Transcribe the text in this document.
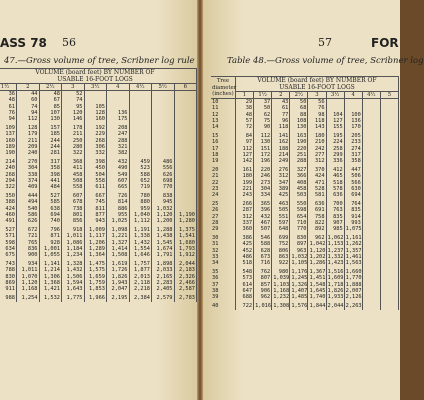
ASS 78 56
47.—Gross volume of tree, Scribner log rule
VOLUME (board feet) BY NUMBER OF
USABLE 16-FOOT LOGS								
1½	2	2½	3	3½	4	4½	5½	6
36	44	48	52					
48	60	67	74					
61	74	85	95	105				
76	94	107	120	128	136			
94	112	130	146	160	175			
109	128	157	178	192	208			
137	179	185	211	229	247			
160	211	244	250	268	288			
189	209	244	280	306	321			
190	240	281	322	332	382			
214	270	317	368	398	432	459	486	
240	304	358	411	450	490	523	556	
268	338	398	458	504	549	588	626	
294	374	441	508	558	607	652	698	
322	409	484	558	611	665	719	770	
350	444	527	607	667	726	780	838	
388	494	585	678	745	814	880	945	
424	540	638	738	811	886	959	1,032	
460	586	694	801	877	955	1,040	1,120	1,190
491	626	740	856	943	1,025	1,112	1,200	1,280
527	672	796	918	1,009	1,098	1,191	1,288	1,375
571	721	871	1,011	1,117	1,221	1,338	1,438	1,541
598	765	928	1,086	1,206	1,327	1,432	1,545	1,680
634	836	1,001	1,184	1,289	1,414	1,554	1,674	1,793
675	900	1,055	1,234	1,364	1,508	1,646	1,791	1,912
743	934	1,141	1,328	1,475	1,619	1,757	1,898	2,044
788	1,011	1,214	1,432	1,575	1,726	1,877	2,033	2,183
830	1,070	1,306	1,506	1,659	1,826	2,013	2,165	2,326
869	1,120	1,368	1,594	1,759	1,943	2,118	2,283	2,466
911	1,168	1,421	1,643	1,853	2,047	2,218	2,405	2,587
988	1,254	1,532	1,775	1,966	2,195	2,384	2,579	2,783
57	FOR
Table 48.—Gross volume of tree, Scribner log
Tree
diameter
(inches)	VOLUME (board feet) BY NUMBER OF
USABLE 16-FOOT LOGS								
	1	1½	2	2½	3	3½	4	4½	5
10	29	37	43	50	56				
11	38	50	61	68	76				
12	48	62	77	88	98	104	100		
13	57	75	96	108	118	127	136		
14	72	90	118	130	143	155	170		
15	84	112	141	163	180	195	205		
16	97	130	162	190	210	224	233		
17	112	151	188	220	242	258	274		
18	127	172	214	251	277	299	317		
19	142	196	249	288	312	336	358		
20	161	220	276	327	370	412	447		
21	180	246	312	366	424	465	506		
22	199	273	347	408	471	518	566		
23	221	304	389	458	528	578	630		
24	243	334	425	503	581	636	694		
25	266	365	463	550	636	700	764		
26	287	396	505	598	691	763	835		
27	312	432	551	654	758	835	914		
28	337	467	597	710	822	907	993		
29	360	507	648	770	892	985	1,075		
30	386	546	699	830	962	1,062	1,161		
31	425	588	752	897	1,042	1,153	1,262		
32	452	628	806	963	1,120	1,237	1,357		
33	486	673	863	1,032	1,202	1,332	1,461		
34	518	716	922	1,105	1,286	1,423	1,563		
35	548	762	980	1,176	1,367	1,516	1,660		
36	573	807	1,039	1,245	1,451	1,609	1,770		
37	614	857	1,103	1,326	1,548	1,718	1,888		
38	647	906	1,168	1,407	1,645	1,826	2,007		
39	688	962	1,232	1,485	1,740	1,933	2,126		
40	722	1,016	1,308	1,576	1,844	2,044	2,263		
